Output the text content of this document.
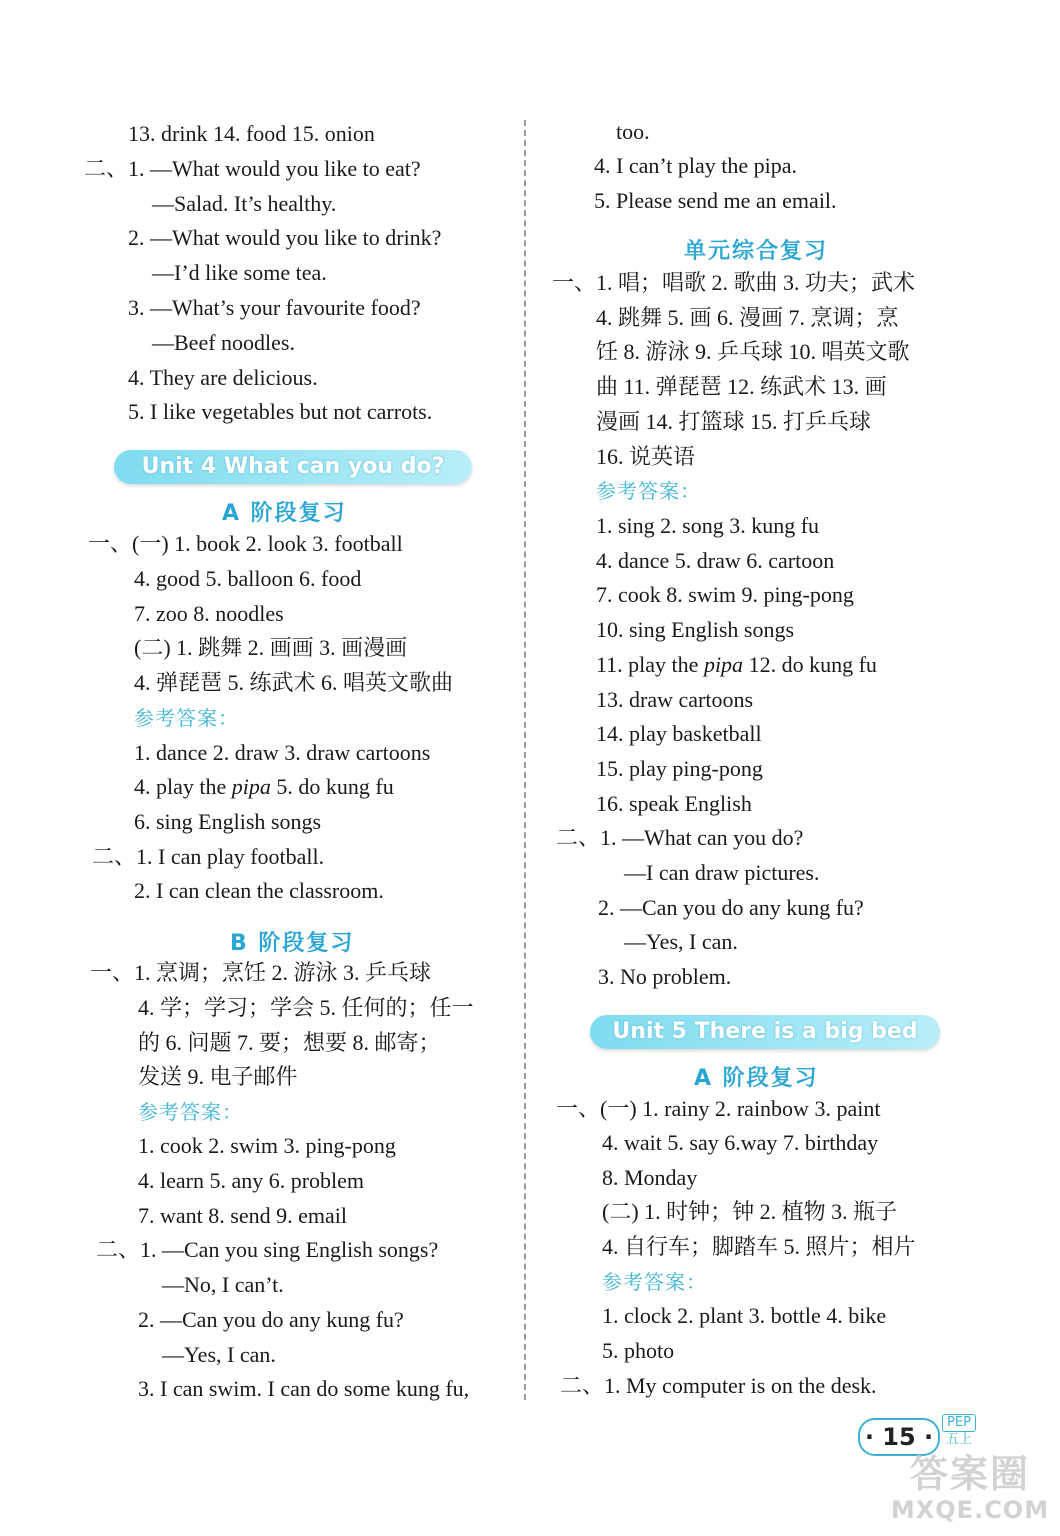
13. drink 14. food 15. onion
二、1. —What would you like to eat?
—Salad. It’s healthy.
2. —What would you like to drink?
—I’d like some tea.
3. —What’s your favourite food?
—Beef noodles.
4. They are delicious.
5. I like vegetables but not carrots.
Unit 4 What can you do?
A 阶段复习
一、(一) 1. book 2. look 3. football
4. good 5. balloon 6. food
7. zoo 8. noodles
(二) 1. 跳舞 2. 画画 3. 画漫画
4. 弹琵琶 5. 练武术 6. 唱英文歌曲
参考答案：
1. dance 2. draw 3. draw cartoons
4. play the pipa 5. do kung fu
6. sing English songs
二、1. I can play football.
2. I can clean the classroom.
B 阶段复习
一、1. 烹调；烹饪 2. 游泳 3. 乒乓球
4. 学；学习；学会 5. 任何的；任一
的 6. 问题 7. 要；想要 8. 邮寄；
发送 9. 电子邮件
参考答案：
1. cook 2. swim 3. ping-pong
4. learn 5. any 6. problem
7. want 8. send 9. email
二、1. —Can you sing English songs?
—No, I can’t.
2. —Can you do any kung fu?
—Yes, I can.
3. I can swim. I can do some kung fu,
too.
4. I can’t play the pipa.
5. Please send me an email.
单元综合复习
一、1. 唱；唱歌 2. 歌曲 3. 功夫；武术
4. 跳舞 5. 画 6. 漫画 7. 烹调；烹
饪 8. 游泳 9. 乒乓球 10. 唱英文歌
曲 11. 弹琵琶 12. 练武术 13. 画
漫画 14. 打篮球 15. 打乒乓球
16. 说英语
参考答案：
1. sing 2. song 3. kung fu
4. dance 5. draw 6. cartoon
7. cook 8. swim 9. ping-pong
10. sing English songs
11. play the pipa 12. do kung fu
13. draw cartoons
14. play basketball
15. play ping-pong
16. speak English
二、1. —What can you do?
—I can draw pictures.
2. —Can you do any kung fu?
—Yes, I can.
3. No problem.
Unit 5 There is a big bed
A 阶段复习
一、(一) 1. rainy 2. rainbow 3. paint
4. wait 5. say 6.way 7. birthday
8. Monday
(二) 1. 时钟；钟 2. 植物 3. 瓶子
4. 自行车；脚踏车 5. 照片；相片
参考答案：
1. clock 2. plant 3. bottle 4. bike
5. photo
二、1. My computer is on the desk.
· 15 ·
PEP
五上
答案圈
MXQE.COM
